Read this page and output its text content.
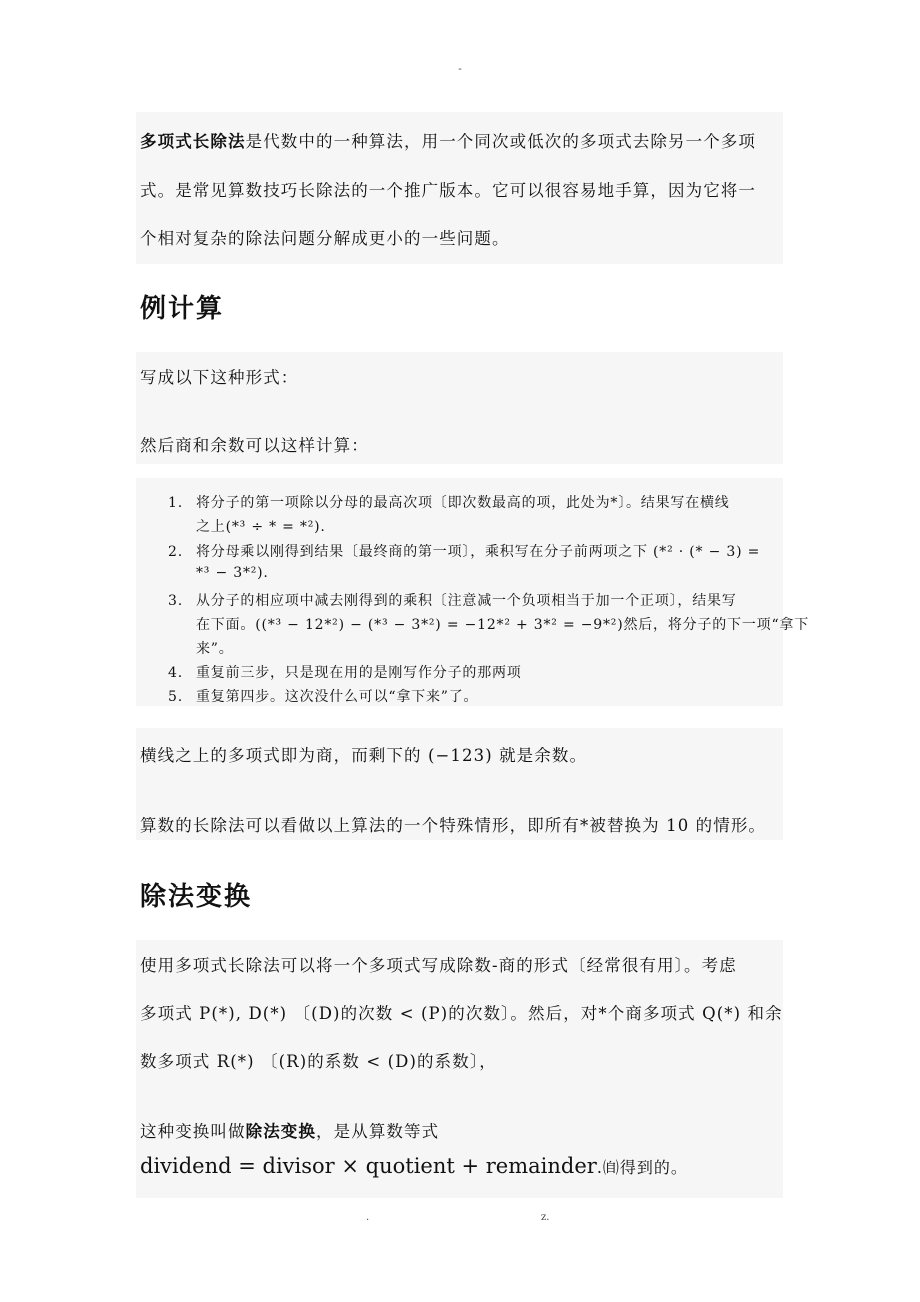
-
多项式长除法是代数中的一种算法，用一个同次或低次的多项式去除另一个多项
式。是常见算数技巧长除法的一个推广版本。它可以很容易地手算，因为它将一
个相对复杂的除法问题分解成更小的一些问题。
例计算
写成以下这种形式：
然后商和余数可以这样计算：
1. 将分子的第一项除以分母的最高次项〔即次数最高的项，此处为*〕。结果写在横线
之上(*³ ÷ * = *²).
2. 将分母乘以刚得到结果〔最终商的第一项〕，乘积写在分子前两项之下 (*² · (* − 3) =
*³ − 3*²).
3. 从分子的相应项中减去刚得到的乘积〔注意减一个负项相当于加一个正项〕，结果写
在下面。((*³ − 12*²) − (*³ − 3*²) = −12*² + 3*² = −9*²)然后，将分子的下一项“拿下
来”。
4. 重复前三步，只是现在用的是刚写作分子的那两项
5. 重复第四步。这次没什么可以“拿下来”了。
横线之上的多项式即为商，而剩下的 (−123) 就是余数。
算数的长除法可以看做以上算法的一个特殊情形，即所有*被替换为 10 的情形。
除法变换
使用多项式长除法可以将一个多项式写成除数-商的形式〔经常很有用〕。考虑
多项式 P(*), D(*) 〔(D)的次数 < (P)的次数〕。然后，对*个商多项式 Q(*) 和余
数多项式 R(*) 〔(R)的系数 < (D)的系数〕，
这种变换叫做除法变换，是从算数等式
dividend = divisor × quotient + remainder.㉂得到的。
.	z.
